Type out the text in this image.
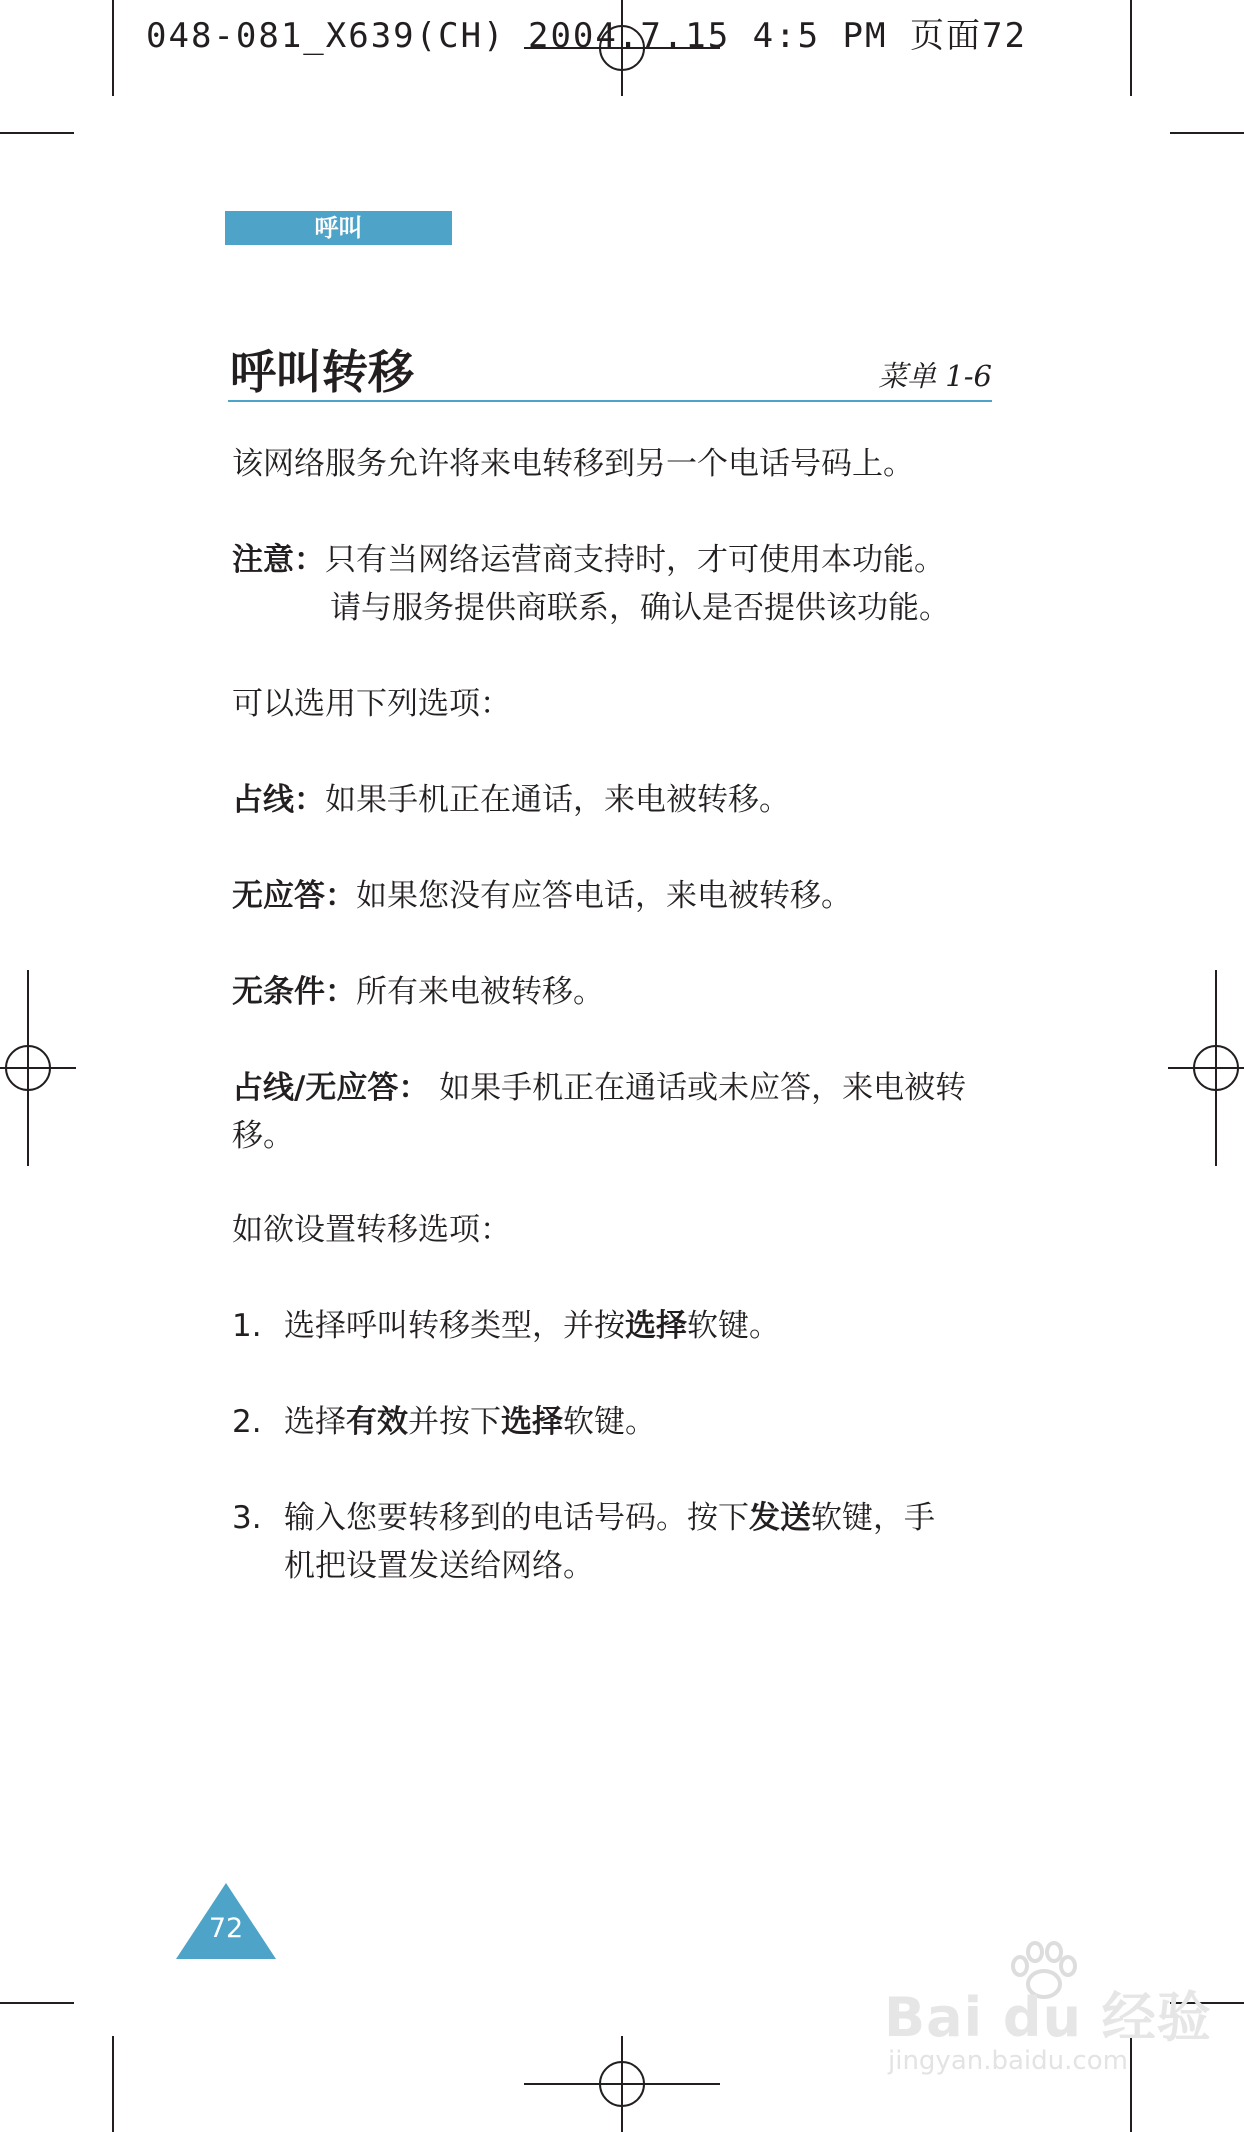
048-081_X639(CH) 2004.7.15 4:5 PM 页面72
呼叫
呼叫转移	菜单 1-6
该网络服务允许将来电转移到另一个电话号码上。
注意：只有当网络运营商支持时，才可使用本功能。
请与服务提供商联系，确认是否提供该功能。
可以选用下列选项：
占线：如果手机正在通话，来电被转移。
无应答：如果您没有应答电话，来电被转移。
无条件：所有来电被转移。
占线/无应答： 如果手机正在通话或未应答，来电被转移。
如欲设置转移选项：
1. 选择呼叫转移类型，并按选择软键。
2. 选择有效并按下选择软键。
3. 输入您要转移到的电话号码。按下发送软键，手
机把设置发送给网络。
72
Bai du 经验
jingyan.baidu.com
